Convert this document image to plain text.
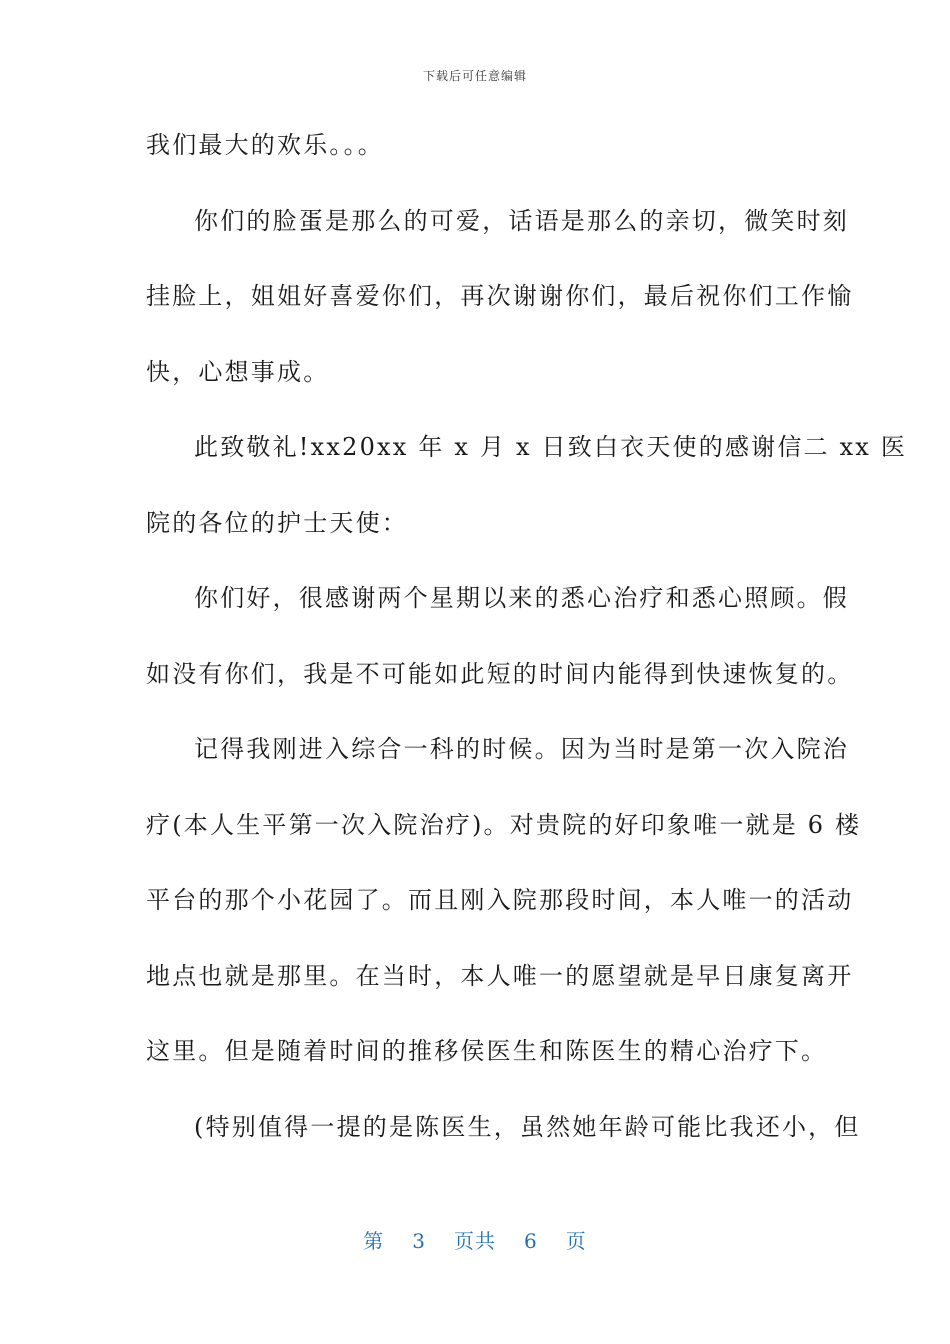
下载后可任意编辑
我们最大的欢乐。。。
你们的脸蛋是那么的可爱，话语是那么的亲切，微笑时刻
挂脸上，姐姐好喜爱你们，再次谢谢你们，最后祝你们工作愉
快，心想事成。
此致敬礼!xx20xx 年 x 月 x 日致白衣天使的感谢信二 xx 医
院的各位的护士天使：
你们好，很感谢两个星期以来的悉心治疗和悉心照顾。假
如没有你们，我是不可能如此短的时间内能得到快速恢复的。
记得我刚进入综合一科的时候。因为当时是第一次入院治
疗(本人生平第一次入院治疗)。对贵院的好印象唯一就是 6 楼
平台的那个小花园了。而且刚入院那段时间，本人唯一的活动
地点也就是那里。在当时，本人唯一的愿望就是早日康复离开
这里。但是随着时间的推移侯医生和陈医生的精心治疗下。
(特别值得一提的是陈医生，虽然她年龄可能比我还小，但
第 3 页共 6 页
